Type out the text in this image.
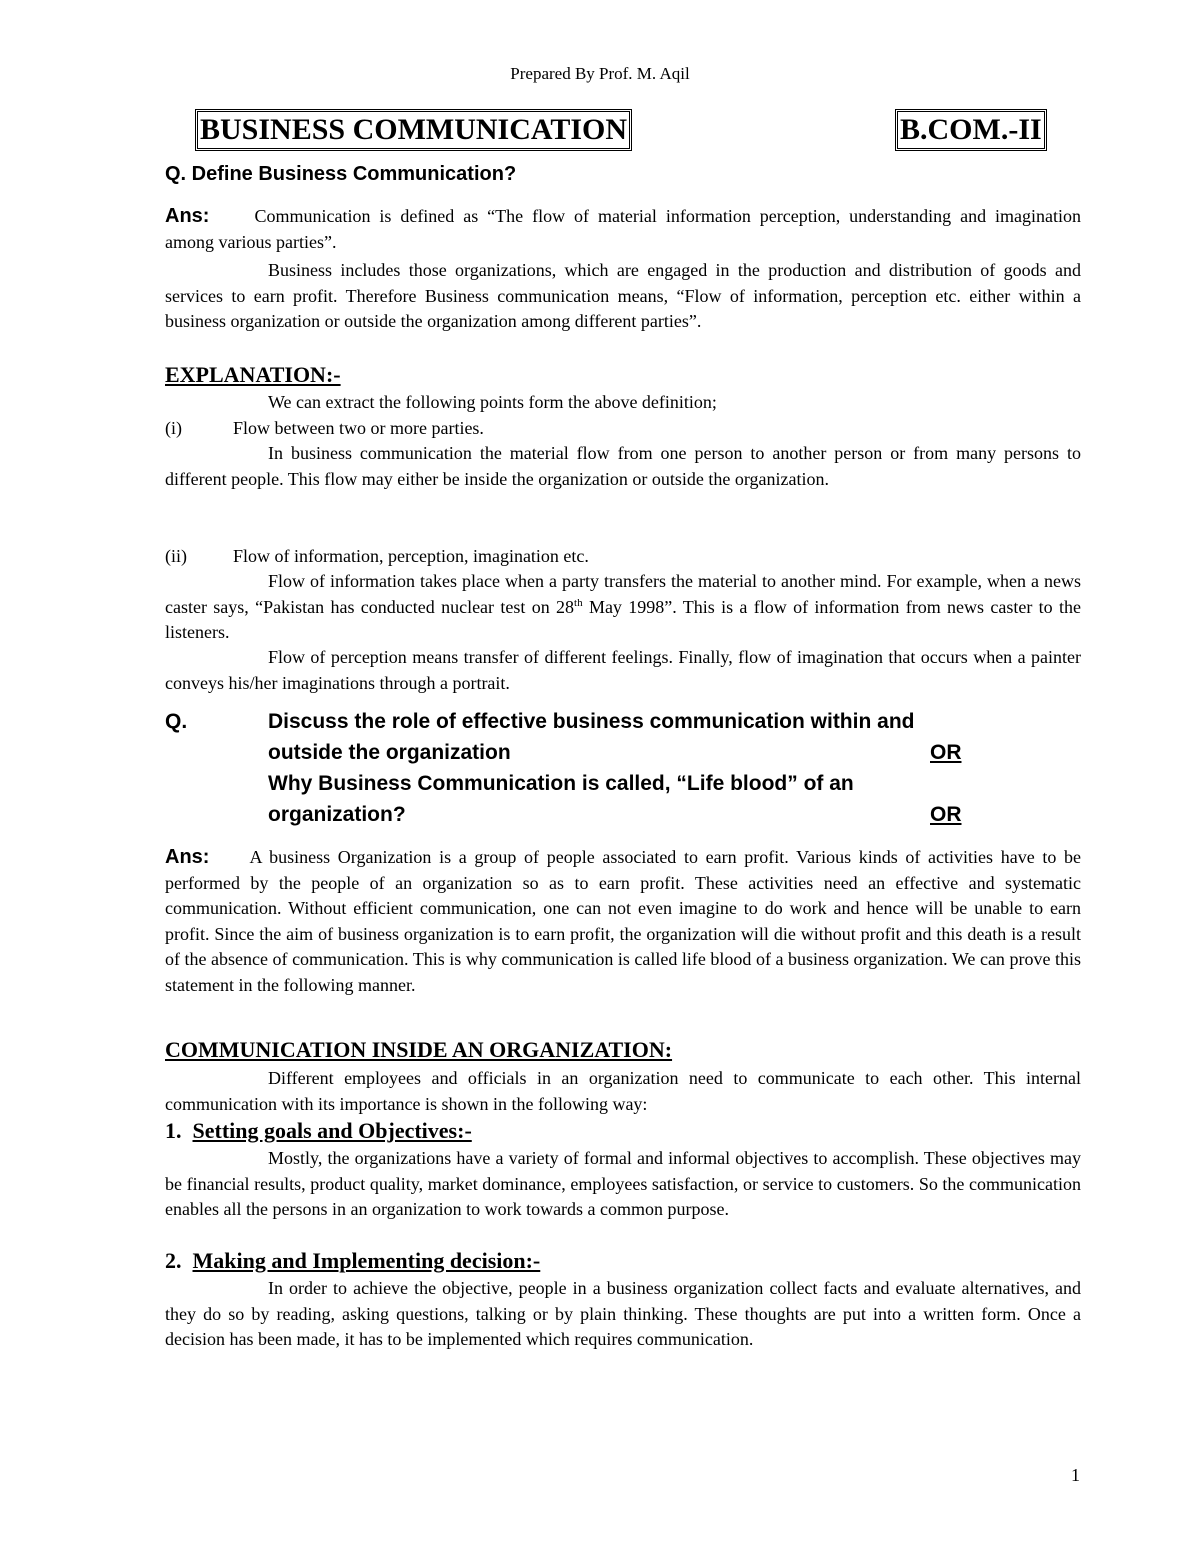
Prepared By Prof. M. Aqil
BUSINESS COMMUNICATION	B.COM.-II
Q. Define Business Communication?
Ans:	Communication is defined as “The flow of material information perception, understanding and imagination among various parties”.
Business includes those organizations, which are engaged in the production and distribution of goods and services to earn profit. Therefore Business communication means, “Flow of information, perception etc. either within a business organization or outside the organization among different parties”.
EXPLANATION:-
We can extract the following points form the above definition;
(i)	Flow between two or more parties.
In business communication the material flow from one person to another person or from many persons to different people. This flow may either be inside the organization or outside the organization.
(ii)	Flow of information, perception, imagination etc.
Flow of information takes place when a party transfers the material to another mind. For example, when a news caster says, “Pakistan has conducted nuclear test on 28th May 1998”. This is a flow of information from news caster to the listeners.
Flow of perception means transfer of different feelings. Finally, flow of imagination that occurs when a painter conveys his/her imaginations through a portrait.
Q.	Discuss the role of effective business communication within and
outside the organization	OR
Why Business Communication is called, “Life blood” of an
organization?	OR
Ans: A business Organization is a group of people associated to earn profit. Various kinds of activities have to be performed by the people of an organization so as to earn profit. These activities need an effective and systematic communication. Without efficient communication, one can not even imagine to do work and hence will be unable to earn profit. Since the aim of business organization is to earn profit, the organization will die without profit and this death is a result of the absence of communication. This is why communication is called life blood of a business organization. We can prove this statement in the following manner.
COMMUNICATION INSIDE AN ORGANIZATION:
Different employees and officials in an organization need to communicate to each other. This internal communication with its importance is shown in the following way:
1. Setting goals and Objectives:-
Mostly, the organizations have a variety of formal and informal objectives to accomplish. These objectives may be financial results, product quality, market dominance, employees satisfaction, or service to customers. So the communication enables all the persons in an organization to work towards a common purpose.
2. Making and Implementing decision:-
In order to achieve the objective, people in a business organization collect facts and evaluate alternatives, and they do so by reading, asking questions, talking or by plain thinking. These thoughts are put into a written form. Once a decision has been made, it has to be implemented which requires communication.
1
